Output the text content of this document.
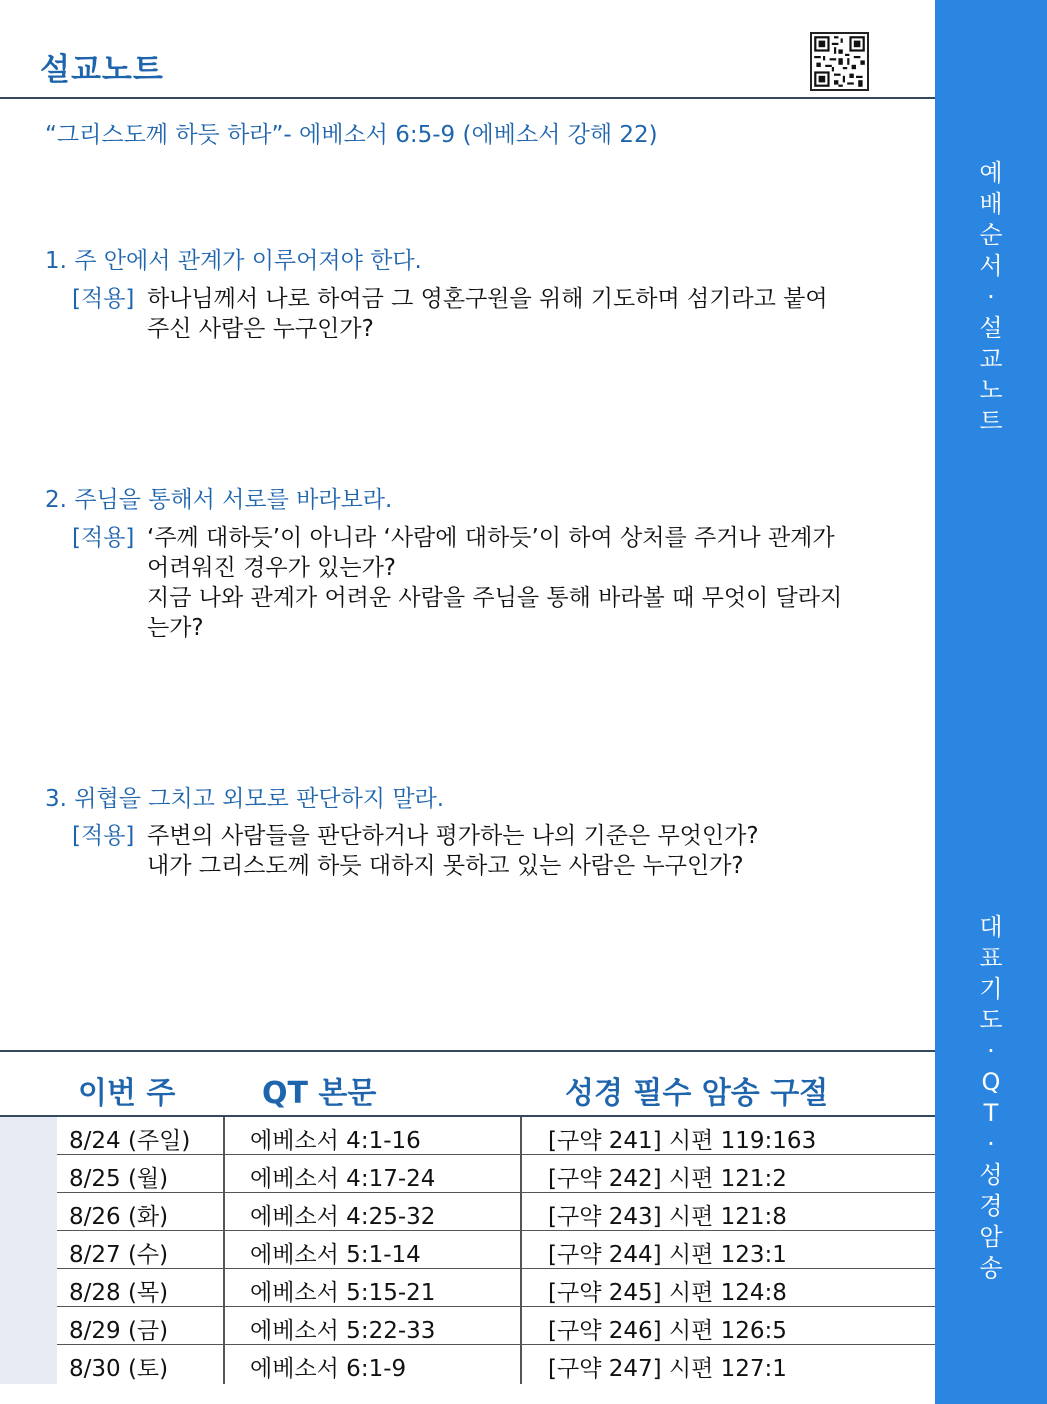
설교노트
“그리스도께 하듯 하라”- 에베소서 6:5-9 (에베소서 강해 22)
1. 주 안에서 관계가 이루어져야 한다.
[적용] 하나님께서 나로 하여금 그 영혼구원을 위해 기도하며 섬기라고 붙여
주신 사람은 누구인가?
2. 주님을 통해서 서로를 바라보라.
[적용] ‘주께 대하듯’이 아니라 ‘사람에 대하듯’이 하여 상처를 주거나 관계가
어려워진 경우가 있는가?
지금 나와 관계가 어려운 사람을 주님을 통해 바라볼 때 무엇이 달라지
는가?
3. 위협을 그치고 외모로 판단하지 말라.
[적용] 주변의 사람들을 판단하거나 평가하는 나의 기준은 무엇인가?
내가 그리스도께 하듯 대하지 못하고 있는 사람은 누구인가?
이번 주	QT 본문	성경 필수 암송 구절
8/24 (주일)	에베소서 4:1-16	[구약 241] 시편 119:163
8/25 (월)	에베소서 4:17-24	[구약 242] 시편 121:2
8/26 (화)	에베소서 4:25-32	[구약 243] 시편 121:8
8/27 (수)	에베소서 5:1-14	[구약 244] 시편 123:1
8/28 (목)	에베소서 5:15-21	[구약 245] 시편 124:8
8/29 (금)	에베소서 5:22-33	[구약 246] 시편 126:5
8/30 (토)	에베소서 6:1-9	[구약 247] 시편 127:1
예
배
순
서
·
설
교
노
트
대
표
기
도
·
Q
T
·
성
경
암
송
